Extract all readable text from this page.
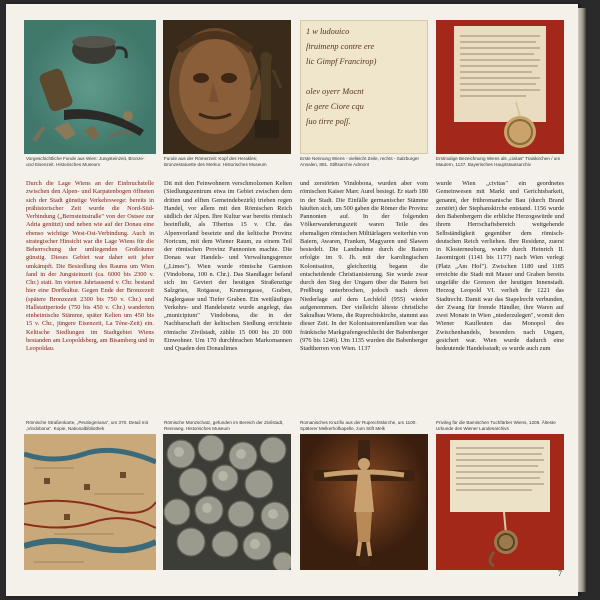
1 w ludouico
ſtruimenp contre ere
lic Gimpf Francirop)

olev oyerr Mocnt
ſe gere Ciore cqu
ſuo tirre poſſ.
Vorgeschichtliche Funde aus Wien: Jungsteinzeit, Bronze- und Eisenzeit. Historisches Museum
Funde aus der Römerzeit: Kopf des Herakles; Bronzestatuette des Merkur. Historisches Museum
Erste Nennung Wiens - vielleicht Zeile, rechts - Salzburger Annalen, 881. Stiftsarchiv Admont
Erstmalige Bezeichnung Wiens als „civitas" Traiskirchen / um Mautern, 1137. Bayerisches Hauptstaatsarchiv

Durch die Lage Wiens an der Einbruchstelle zwischen den Alpen- und Karpatenbogen öffneten sich der Stadt günstige Verkehrswege: bereits in prähistorischer Zeit wurde die Nord-Süd-Verbindung („Bernsteinstraße" von der Ostsee zur Adria genützt) und neben wie auf der Donau eine ebenso wichtige West-Ost-Verbindung. Auch in strategischer Hinsicht war die Lage Wiens für die Beherrschung der umliegenden Großräume günstig. Dieses Gebiet war daher seit jeher umkämpft. Die Besiedlung des Raums um Wien fand in der Jungsteinzeit (ca. 6000 bis 2300 v. Chr.) statt. Im vierten Jahrtausend v. Chr. bestand hier eine Dorfkultur. Gegen Ende der Bronzezeit (spätere Bronzezeit 2300 bis 750 v. Chr.) und Hallstattperiode (750 bis 450 v. Chr.) wanderten einheimische Stämme, später Kelten um 450 bis 15 v. Chr., jüngere Eisenzeit, La Tène-Zeit) ein. Keltische Siedlungen im Stadtgebiet Wiens bestanden am Leopoldsberg, am Bisamberg und in Leopoldau.

Dit mit den Feinwohnern verschmolzenen Kelten (Siedlungszentrum etwa im Gebiet zwischen dem dritten und elften Gemeindebezirk) trieben regen Handel, vor allem mit den Römischen Reich südlich der Alpen. Ihre Kultur war bereits römisch beeinflußt, als Tiberius 15 v. Chr. das Alpenvorland besetzte und die keltische Provinz Noricum, mit dem Wiener Raum, zu einem Teil der römischen Provinz Pannonien machte. Die Donau war Handels- und Verwaltungsgrenze („Limes"). Wien wurde römische Garnison (Vindobona, 100 n. Chr.). Das Standlager befand sich im Geviert der heutigen Straßenzüge Salzgries, Rotgasse, Kramergasse, Graben, Naglergasse und Tiefer Graben. Ein weitläufiges Verkehrs- und Handelsnetz wurde angelegt, das „municipium" Vindobona, die in der Nachbarschaft der keltischen Siedlung errichtete römische Zivilstadt, zählte 15 000 bis 20 000 Einwohner. Um 170 durchbrachen Markomannen und Quaden den Donaulimes

und zerstörten Vindobona, wurden aber vom römischen Kaiser Marc Aurel besiegt. Er starb 180 in der Stadt. Die Einfälle germanischer Stämme häuften sich, um 500 gaben die Römer die Provinz Pannonien auf. In der folgenden Völkerwanderungszeit waren Teile des ehemaligen römischen Militärlagers weiterhin von Baiern, Awaren, Franken, Magyaren und Slawen besiedelt. Die Landnahme durch die Baiern erfolgte im 9. Jh. mit der karolingischen Kolonisation, gleichzeitig begann die entscheidende Christianisierung. Sie wurde zwar durch den Sieg der Ungarn über die Baiern bei Preßburg unterbrochen, jedoch nach deren Niederlage auf dem Lechfeld (955) wieder aufgenommen. Der vielleicht älteste christliche Sakralbau Wiens, die Ruprechtskirche, stammt aus dieser Zeit. In der Kolonisatorenfamilien war das fränkische Markgrafengeschlecht der Babenberger (976 bis 1246). Um 1135 wurden die Babenberger Stadtherren von Wien. 1137

wurde Wien „civitas" ein geordnetes Gemeinwesen mit Markt und Gerichtsbarkeit, genannt, der frühromanische Bau (durch Brand zerstört) der Stephanskirche entstand. 1156 wurde den Babenbergern die erbliche Herzogswürde und ihrem Herrschaftsbereich weitgehende Selbständigkeit gegenüber dem römisch-deutschen Reich verliehen. Ihre Residenz, zuerst in Klosterneuburg, wurde durch Heinrich II. Jasomirgott (1141 bis 1177) nach Wien verlegt (Platz „Am Hof"). Zwischen 1180 und 1185 erreichte die Stadt mit Mauer und Graben bereits ungefähr die Grenzen der heutigen Innenstadt. Herzog Leopold VI. verlieh ihr 1221 das Stadtrecht. Damit war das Stapelrecht verbunden, der Zwang für fremde Händler, ihre Waren auf zwei Monate in Wien „niederzulegen", womit den Wiener Kaufleuten das Monopol des Zwischenhandels, besonders nach Ungarn, gesichert war. Wien wurde dadurch eine bedeutende Handelsstadt; es wurde auch zum

Römische Straßenkarte, „Peutingeriana", um 370. Detail mit „Vindobona". Kopie, Nationalbibliothek
Römische Münzschatz, gefunden im Bereich der Zivilstadt, Rennweg. Historisches Museum
Romanisches Kruzifix aus der Ruprechtskirche, um 1100. Späterer Melkerhofkapelle, zum Stift Melk
Privileg für die Bamischen Tuchfärber Wiens, 1208. Älteste Urkunde des Wiener Landesarchivs
7
